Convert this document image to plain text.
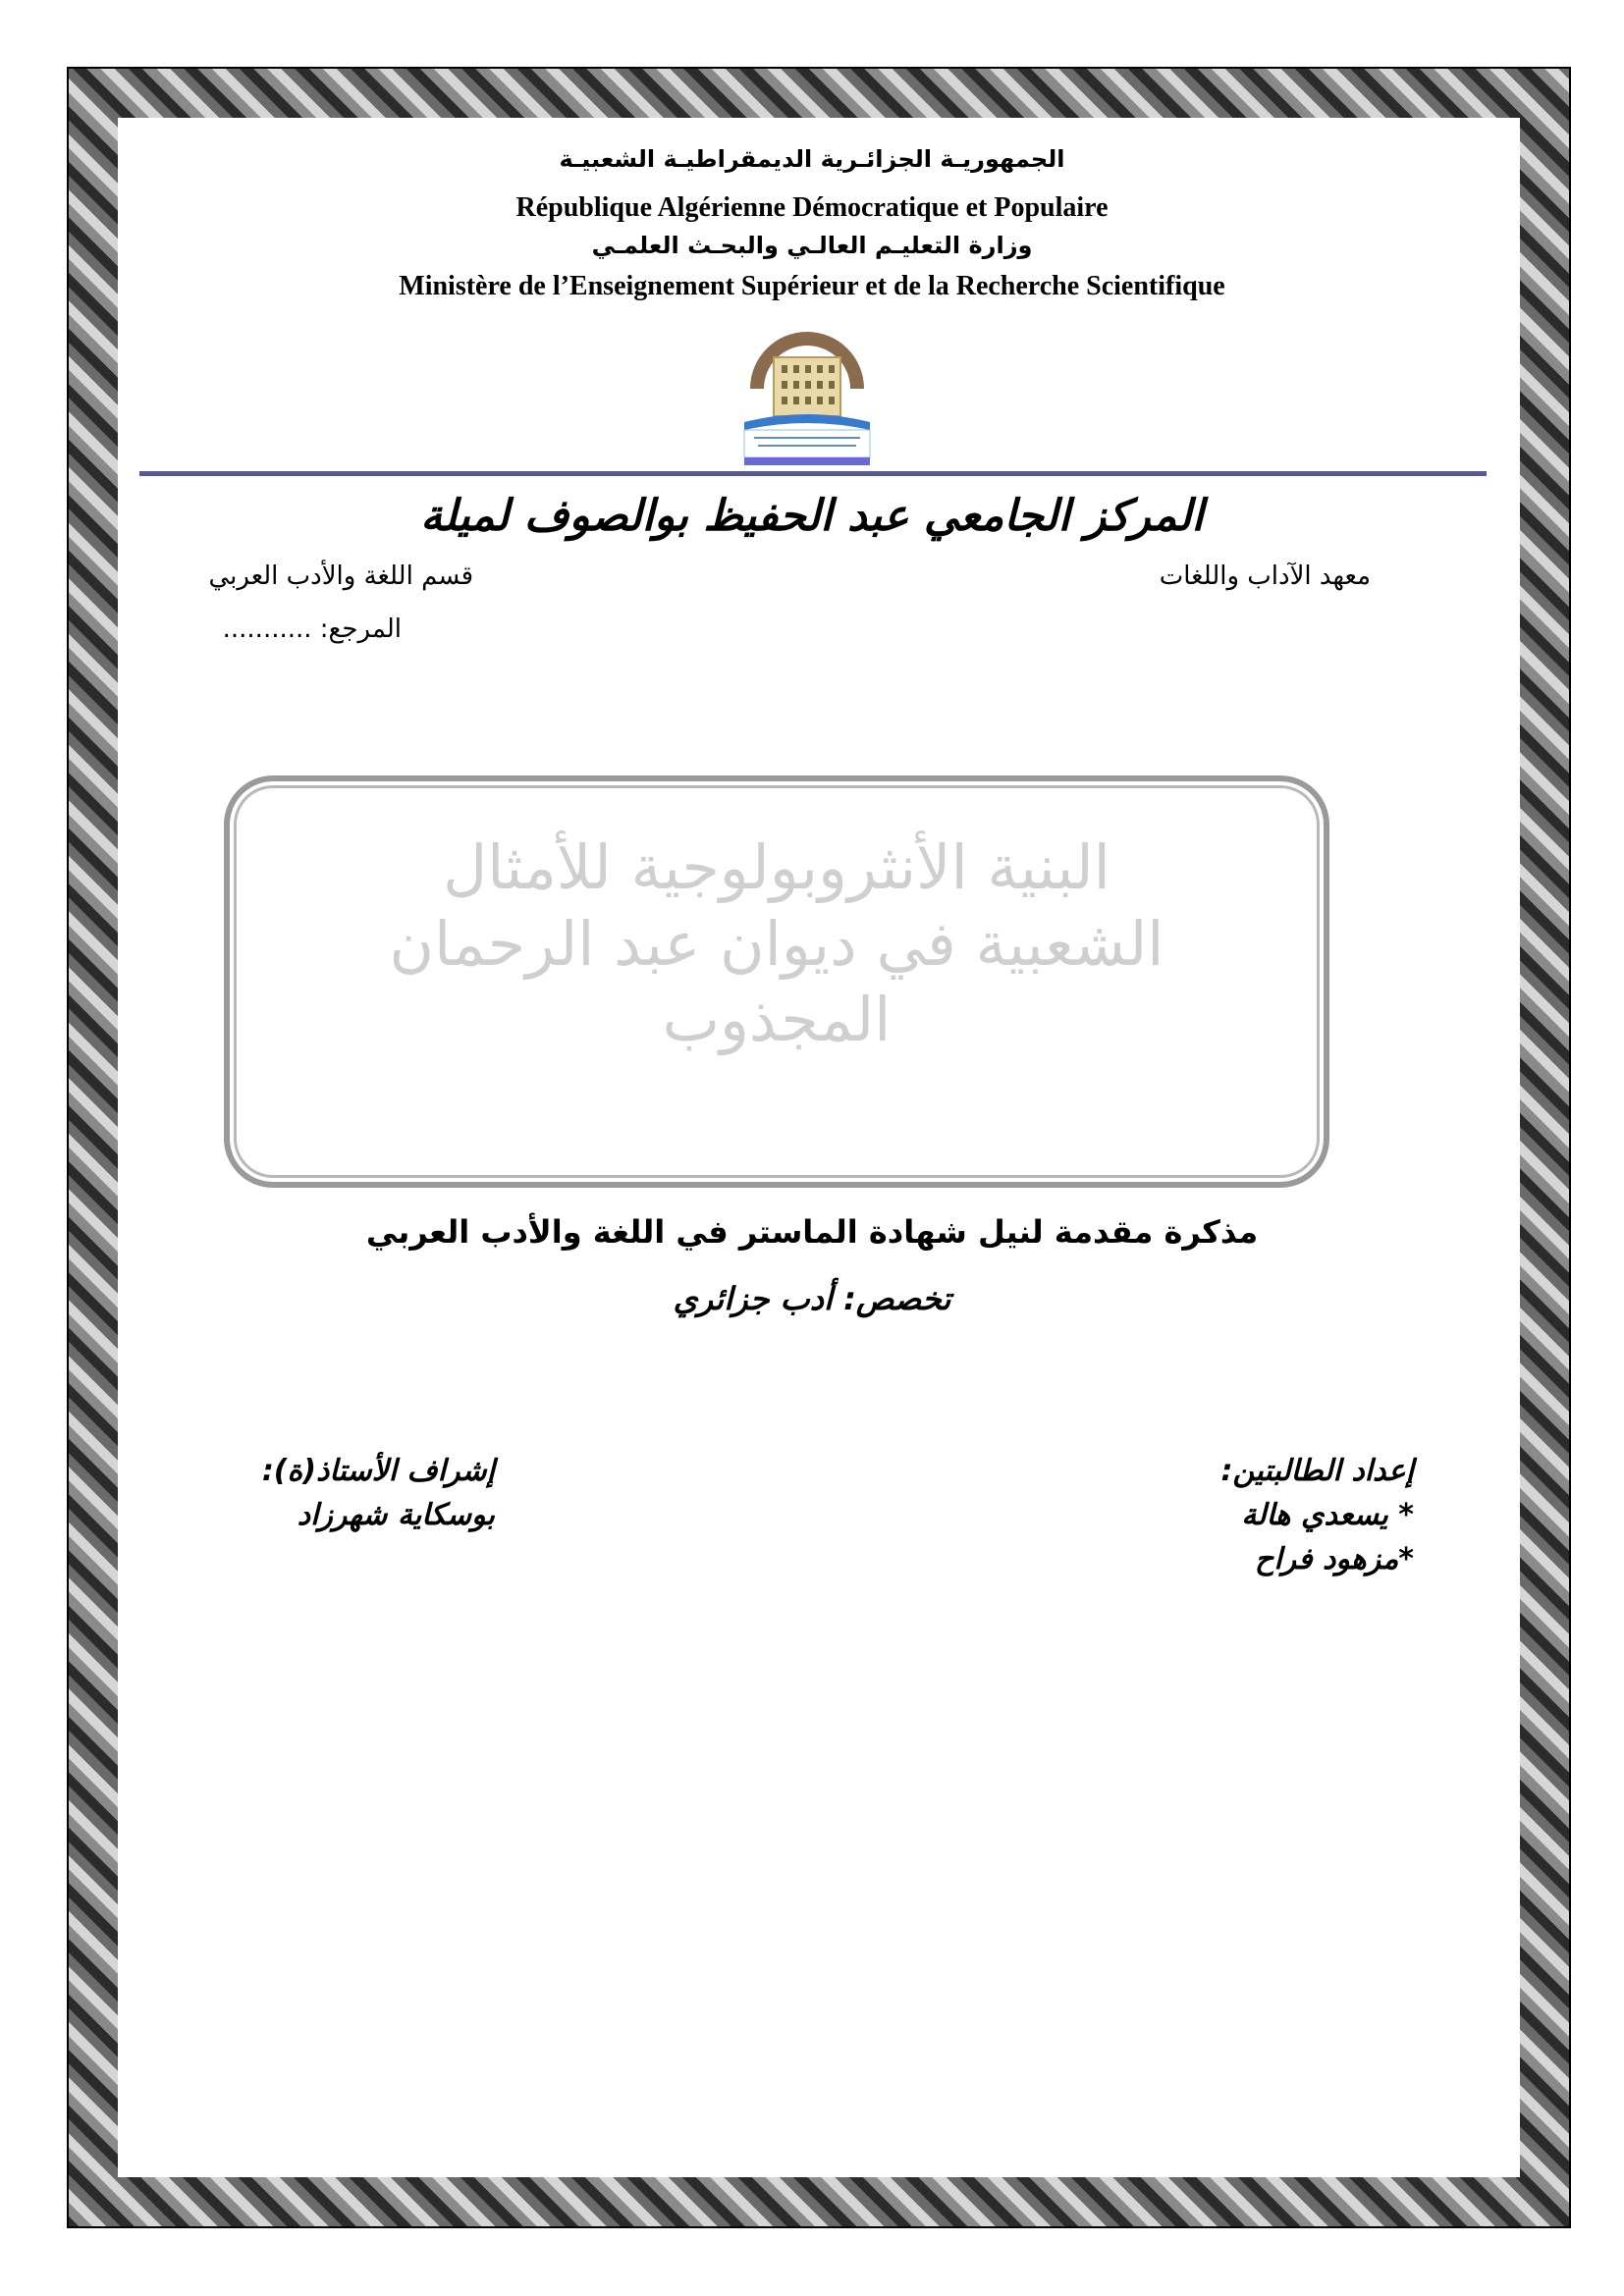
الجمهوريـة الجزائـرية الديمقراطيـة الشعبيـة
République Algérienne Démocratique et Populaire
وزارة التعليـم العالـي والبحـث العلمـي
Ministère de l’Enseignement Supérieur et de la Recherche Scientifique
المركز الجامعي عبد الحفيظ بوالصوف لميلة
معهد الآداب واللغات
قسم اللغة والأدب العربي
المرجع: ...........
البنية الأنثروبولوجية للأمثال
الشعبية في ديوان عبد الرحمان
المجذوب
مذكرة مقدمة لنيل شهادة الماستر في اللغة والأدب العربي
تخصص: أدب جزائري
إعداد الطالبتين:
* يسعدي هالة
*مزهود فراح
إشراف الأستاذ(ة):
بوسكاية شهرزاد
